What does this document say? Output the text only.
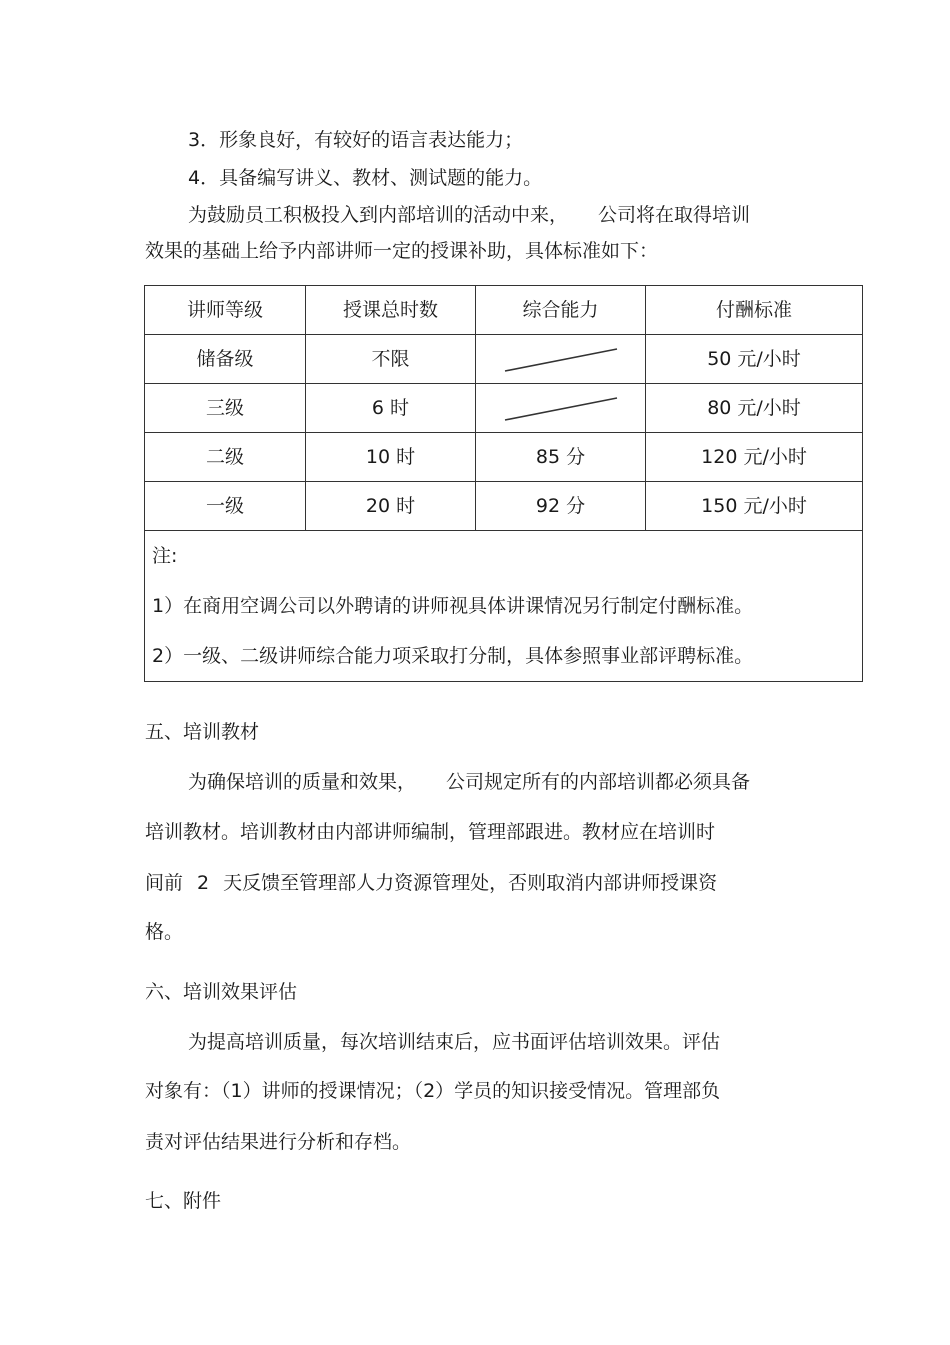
3．形象良好，有较好的语言表达能力；
4．具备编写讲义、教材、测试题的能力。
为鼓励员工积极投入到内部培训的活动中来， 公司将在取得培训
效果的基础上给予内部讲师一定的授课补助，具体标准如下：
讲师等级	授课总时数	综合能力	付酬标准
储备级	不限		50 元/小时
三级	6 时		80 元/小时
二级	10 时	85 分	120 元/小时
一级	20 时	92 分	150 元/小时

注:
1）在商用空调公司以外聘请的讲师视具体讲课情况另行制定付酬标准。
2）一级、二级讲师综合能力项采取打分制，具体参照事业部评聘标准。			
五、培训教材
为确保培训的质量和效果， 公司规定所有的内部培训都必须具备
培训教材。培训教材由内部讲师编制，管理部跟进。教材应在培训时
间前 2 天反馈至管理部人力资源管理处，否则取消内部讲师授课资
格。
六、培训效果评估
为提高培训质量，每次培训结束后，应书面评估培训效果。评估
对象有：（1）讲师的授课情况；（2）学员的知识接受情况。管理部负
责对评估结果进行分析和存档。
七、附件
